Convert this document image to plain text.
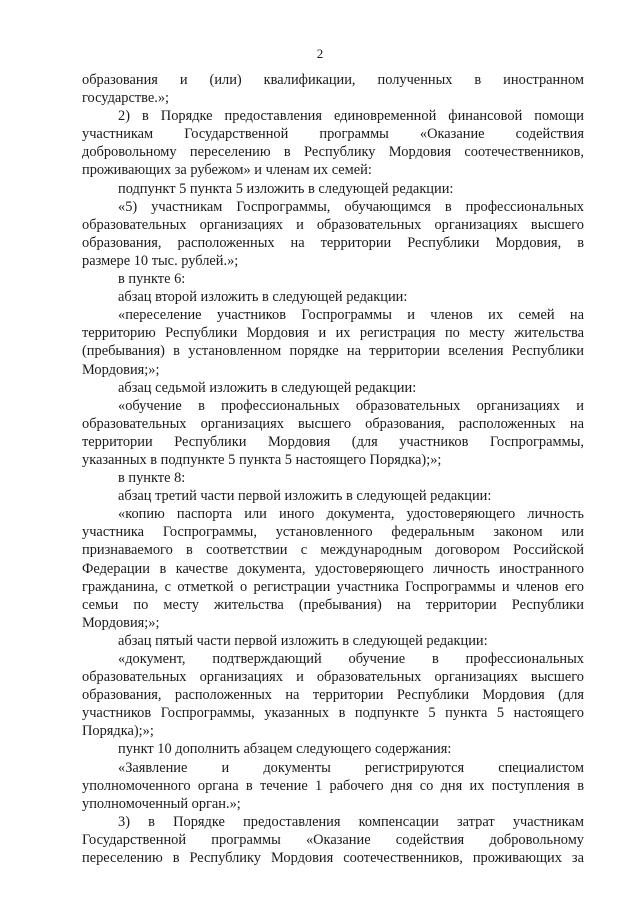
2
образования и (или) квалификации, полученных в иностранном
государстве.»;
2) в Порядке предоставления единовременной финансовой помощи
участникам Государственной программы «Оказание содействия
добровольному переселению в Республику Мордовия соотечественников,
проживающих за рубежом» и членам их семей:
подпункт 5 пункта 5 изложить в следующей редакции:
«5) участникам Госпрограммы, обучающимся в профессиональных
образовательных организациях и образовательных организациях высшего
образования, расположенных на территории Республики Мордовия, в
размере 10 тыс. рублей.»;
в пункте 6:
абзац второй изложить в следующей редакции:
«переселение участников Госпрограммы и членов их семей на
территорию Республики Мордовия и их регистрация по месту жительства
(пребывания) в установленном порядке на территории вселения Республики
Мордовия;»;
абзац седьмой изложить в следующей редакции:
«обучение в профессиональных образовательных организациях и
образовательных организациях высшего образования, расположенных на
территории Республики Мордовия (для участников Госпрограммы,
указанных в подпункте 5 пункта 5 настоящего Порядка);»;
в пункте 8:
абзац третий части первой изложить в следующей редакции:
«копию паспорта или иного документа, удостоверяющего личность
участника Госпрограммы, установленного федеральным законом или
признаваемого в соответствии с международным договором Российской
Федерации в качестве документа, удостоверяющего личность иностранного
гражданина, с отметкой о регистрации участника Госпрограммы и членов его
семьи по месту жительства (пребывания) на территории Республики
Мордовия;»;
абзац пятый части первой изложить в следующей редакции:
«документ, подтверждающий обучение в профессиональных
образовательных организациях и образовательных организациях высшего
образования, расположенных на территории Республики Мордовия (для
участников Госпрограммы, указанных в подпункте 5 пункта 5 настоящего
Порядка);»;
пункт 10 дополнить абзацем следующего содержания:
«Заявление и документы регистрируются специалистом
уполномоченного органа в течение 1 рабочего дня со дня их поступления в
уполномоченный орган.»;
3) в Порядке предоставления компенсации затрат участникам
Государственной программы «Оказание содействия добровольному
переселению в Республику Мордовия соотечественников, проживающих за
